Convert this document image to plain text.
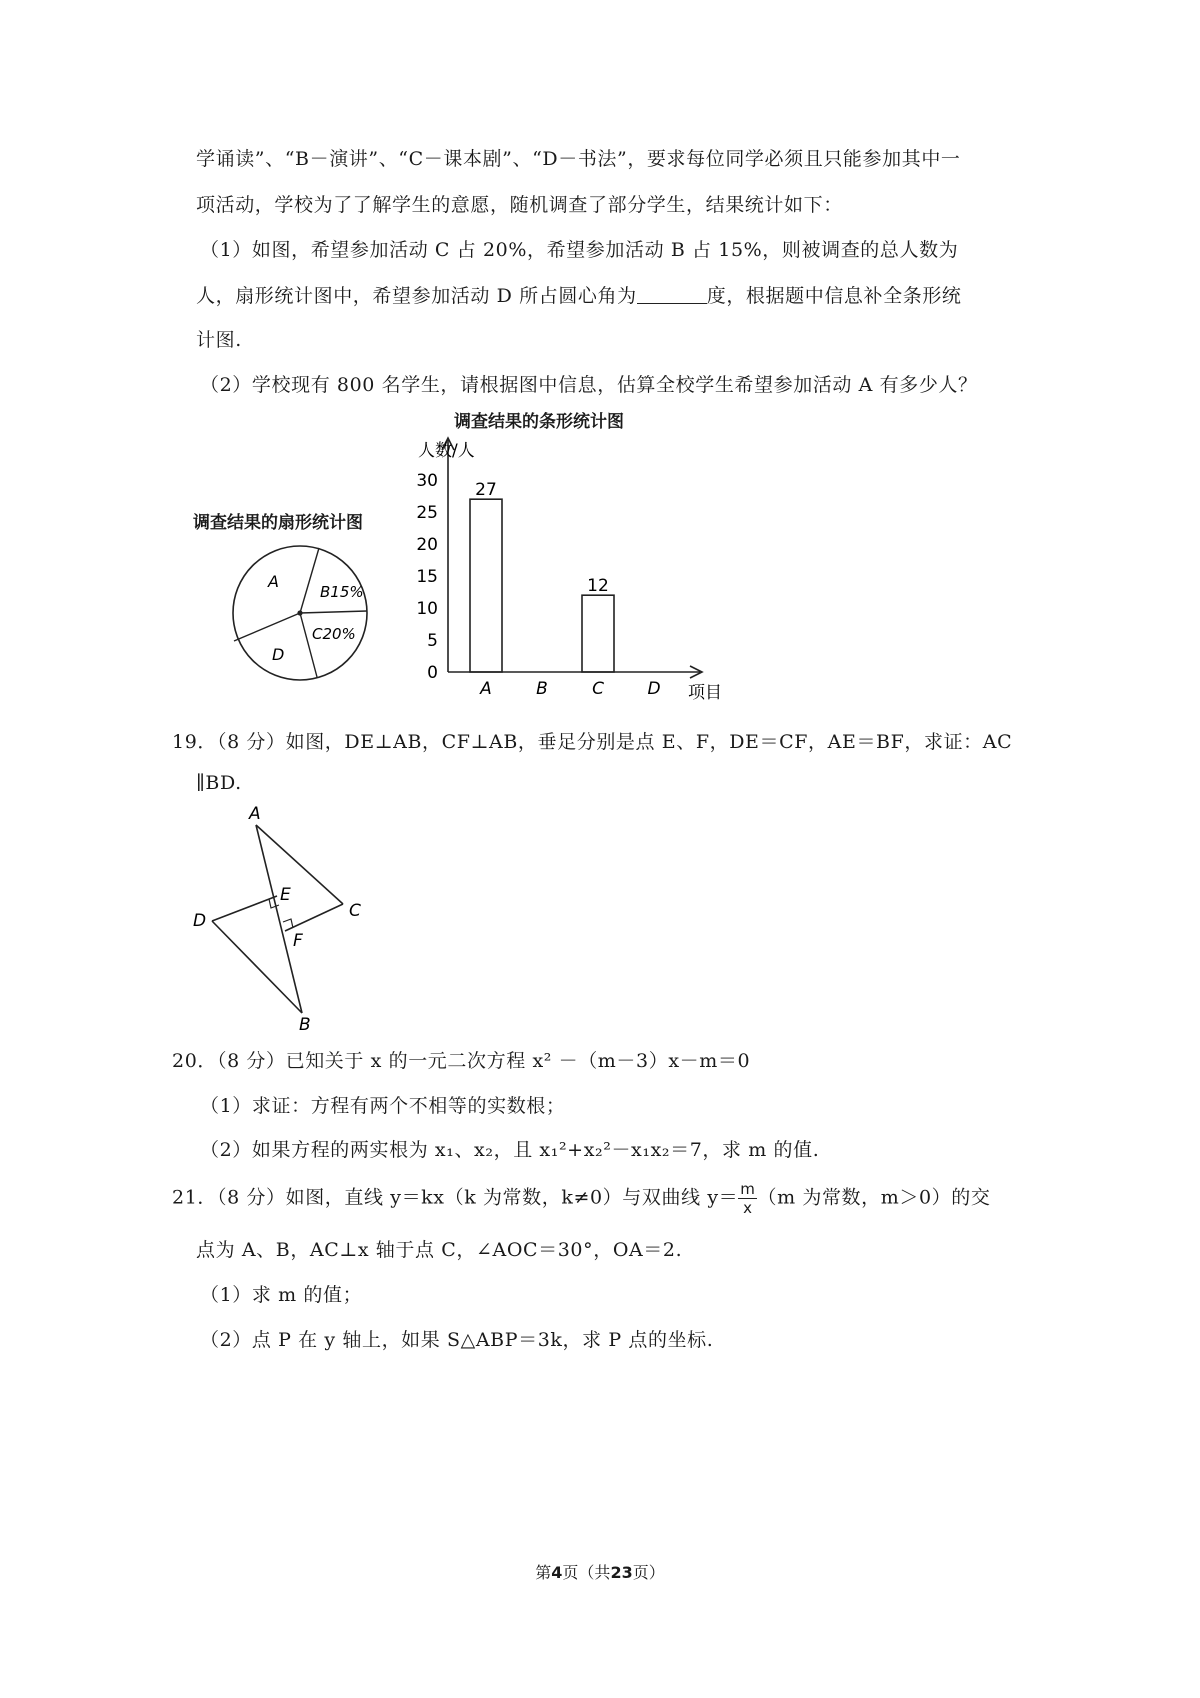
学诵读”、“B－演讲”、“C－课本剧”、“D－书法”，要求每位同学必须且只能参加其中一
项活动，学校为了了解学生的意愿，随机调查了部分学生，结果统计如下：
（1）如图，希望参加活动 C 占 20%，希望参加活动 B 占 15%，则被调查的总人数为
人，扇形统计图中，希望参加活动 D 所占圆心角为	度，根据题中信息补全条形统
计图.
（2）学校现有 800 名学生，请根据图中信息，估算全校学生希望参加活动 A 有多少人？
调查结果的条形统计图
调查结果的扇形统计图
A
B15%
C20%
D
人数/人
项目
0
5
10
15
20
25
30 27
12
A	B	C	D
19．（8 分）如图，DE⊥AB，CF⊥AB，垂足分别是点 E、F，DE＝CF，AE＝BF，求证：AC
∥BD.
A
C
D
E
F
B
20．（8 分）已知关于 x 的一元二次方程 x² －（m－3）x－m＝0
（1）求证：方程有两个不相等的实数根；
（2）如果方程的两实根为 x₁、x₂，且 x₁²+x₂²－x₁x₂＝7，求 m 的值.
21．（8 分）如图，直线 y＝kx（k 为常数，k≠0）与双曲线 $y= \frac{m}{x} (m$ 为常数，m＞0）的交
点为 A、B，AC⊥x 轴于点 C，∠AOC＝30°，OA＝2.
（1）求 m 的值；
（2）点 P 在 y 轴上，如果 S△ABP＝3k，求 P 点的坐标.
第4页（共23页）
